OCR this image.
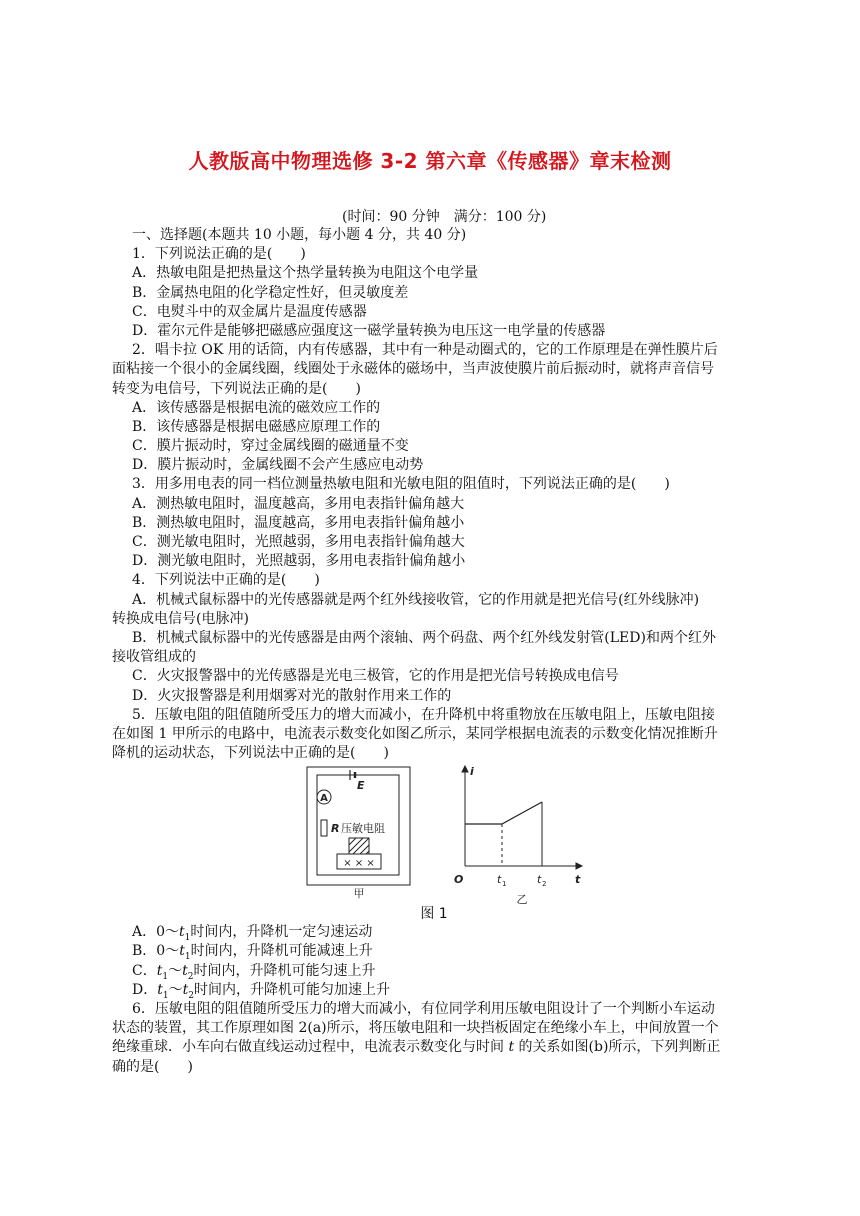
人教版高中物理选修 3-2 第六章《传感器》章末检测
(时间：90 分钟　满分：100 分)
一、选择题(本题共 10 小题，每小题 4 分，共 40 分)
1．下列说法正确的是(　　)
A．热敏电阻是把热量这个热学量转换为电阻这个电学量
B．金属热电阻的化学稳定性好，但灵敏度差
C．电熨斗中的双金属片是温度传感器
D．霍尔元件是能够把磁感应强度这一磁学量转换为电压这一电学量的传感器
2．唱卡拉 OK 用的话筒，内有传感器，其中有一种是动圈式的，它的工作原理是在弹性膜片后
面粘接一个很小的金属线圈，线圈处于永磁体的磁场中，当声波使膜片前后振动时，就将声音信号
转变为电信号，下列说法正确的是(　　)
A．该传感器是根据电流的磁效应工作的
B．该传感器是根据电磁感应原理工作的
C．膜片振动时，穿过金属线圈的磁通量不变
D．膜片振动时，金属线圈不会产生感应电动势
3．用多用电表的同一档位测量热敏电阻和光敏电阻的阻值时，下列说法正确的是(　　)
A．测热敏电阻时，温度越高，多用电表指针偏角越大
B．测热敏电阻时，温度越高，多用电表指针偏角越小
C．测光敏电阻时，光照越弱，多用电表指针偏角越大
D．测光敏电阻时，光照越弱，多用电表指针偏角越小
4．下列说法中正确的是(　　)
A．机械式鼠标器中的光传感器就是两个红外线接收管，它的作用就是把光信号(红外线脉冲)
转换成电信号(电脉冲)
B．机械式鼠标器中的光传感器是由两个滚轴、两个码盘、两个红外线发射管(LED)和两个红外
接收管组成的
C．火灾报警器中的光传感器是光电三极管，它的作用是把光信号转换成电信号
D．火灾报警器是利用烟雾对光的散射作用来工作的
5．压敏电阻的阻值随所受压力的增大而减小，在升降机中将重物放在压敏电阻上，压敏电阻接
在如图 1 甲所示的电路中，电流表示数变化如图乙所示，某同学根据电流表的示数变化情况推断升
降机的运动状态，下列说法中正确的是(　　)
E
A
R 压敏电阻
× × ×
甲
i
t
O	t 1	t 2
乙
图 1
A．$0\sim t_1$时间内，升降机一定匀速运动
B．$0\sim t_1$时间内，升降机可能减速上升
C．$t_1\sim t_2$时间内，升降机可能匀速上升
D．$t_1\sim t_2$时间内，升降机可能匀加速上升
6．压敏电阻的阻值随所受压力的增大而减小，有位同学利用压敏电阻设计了一个判断小车运动
状态的装置，其工作原理如图 2(a)所示，将压敏电阻和一块挡板固定在绝缘小车上，中间放置一个
绝缘重球．小车向右做直线运动过程中，电流表示数变化与时间 t 的关系如图(b)所示，下列判断正
确的是(　　)
